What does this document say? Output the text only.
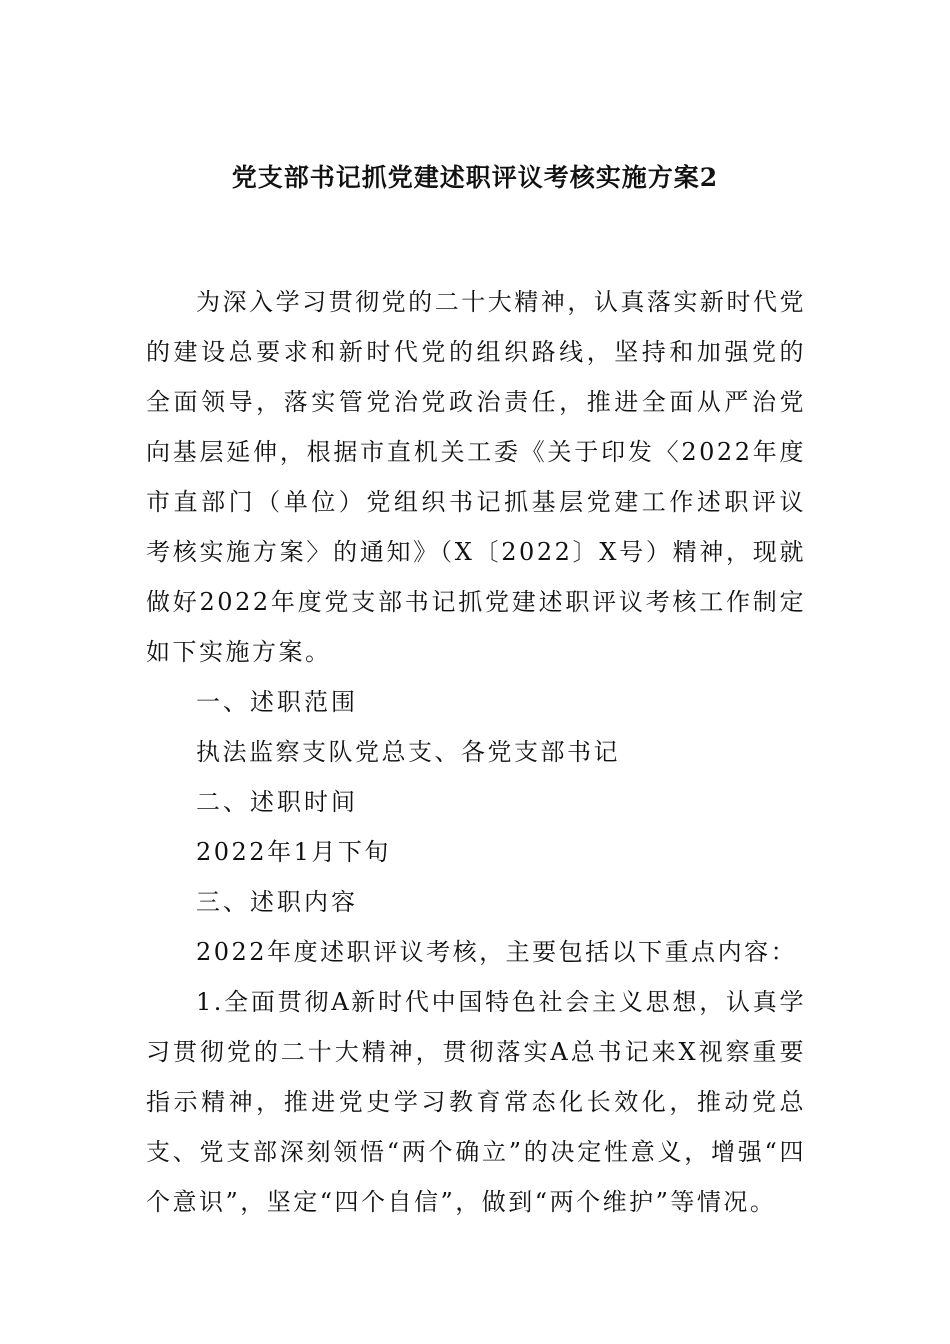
党支部书记抓党建述职评议考核实施方案2

为深入学习贯彻党的二十大精神，认真落实新时代党的建设总要求和新时代党的组织路线，坚持和加强党的全面领导，落实管党治党政治责任，推进全面从严治党向基层延伸，根据市直机关工委《关于印发〈2022年度市直部门（单位）党组织书记抓基层党建工作述职评议考核实施方案〉的通知》（X〔2022〕X号）精神，现就做好2022年度党支部书记抓党建述职评议考核工作制定如下实施方案。

一、述职范围

执法监察支队党总支、各党支部书记

二、述职时间

2022年1月下旬

三、述职内容

2022年度述职评议考核，主要包括以下重点内容：

1.全面贯彻A新时代中国特色社会主义思想，认真学习贯彻党的二十大精神，贯彻落实A总书记来X视察重要指示精神，推进党史学习教育常态化长效化，推动党总支、党支部深刻领悟“两个确立”的决定性意义，增强“四个意识”，坚定“四个自信”，做到“两个维护”等情况。
